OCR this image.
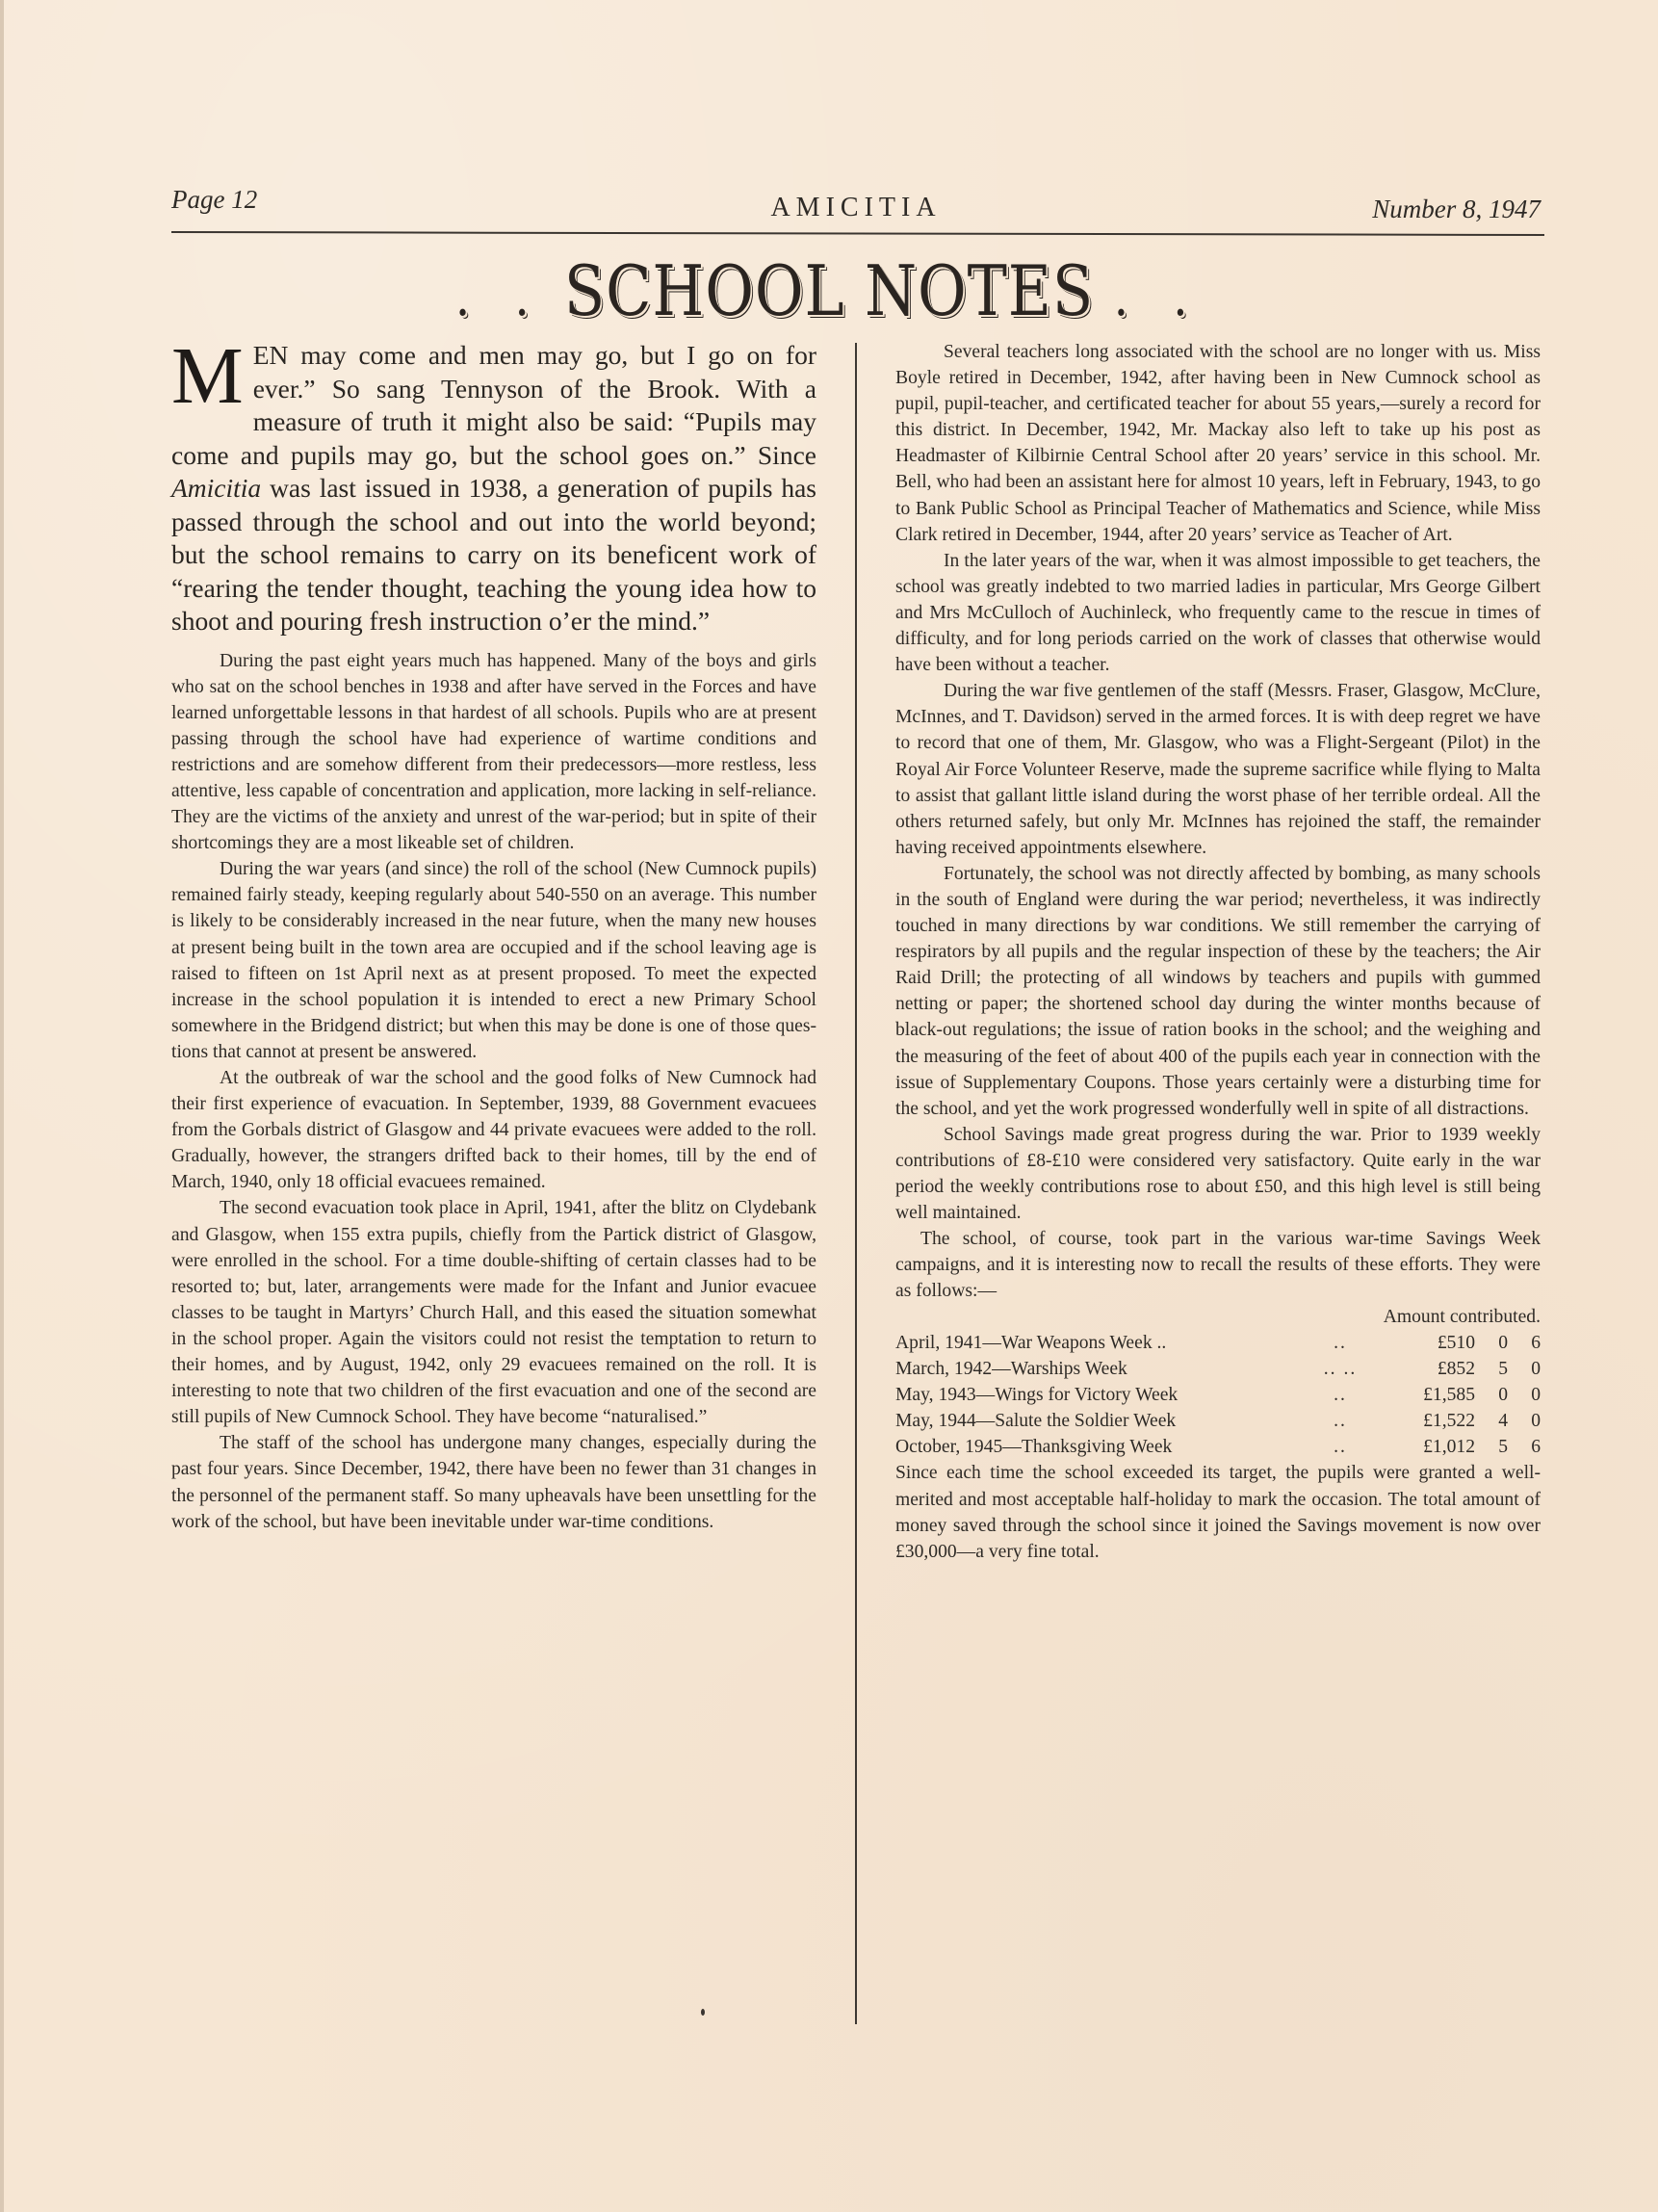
Page 12	AMICITIA	Number 8, 1947
. . SCHOOL NOTES . .

MEN may come and men may go, but I go on for ever.” So sang Tennyson of the Brook. With a measure of truth it might also be said: “Pupils may come and pupils may go, but the school goes on.” Since Amicitia was last issued in 1938, a generation of pupils has passed through the school and out into the world beyond; but the school remains to carry on its beneficent work of “rearing the tender thought, teaching the young idea how to shoot and pouring fresh instruction o’er the mind.”

During the past eight years much has happened. Many of the boys and girls who sat on the school benches in 1938 and after have served in the Forces and have learned unforgettable lessons in that hardest of all schools. Pupils who are at present passing through the school have had experience of wartime conditions and restrictions and are somehow different from their predecessors—more restless, less attentive, less capable of concentration and application, more lacking in self-reliance. They are the victims of the anxiety and unrest of the war-period; but in spite of their shortcomings they are a most likeable set of children.

During the war years (and since) the roll of the school (New Cumnock pupils) remained fairly steady, keeping regularly about 540-550 on an average. This number is likely to be considerably increased in the near future, when the many new houses at present being built in the town area are occupied and if the school leaving age is raised to fifteen on 1st April next as at present proposed. To meet the expected increase in the school population it is intended to erect a new Primary School somewhere in the Bridgend district; but when this may be done is one of those questions that cannot at present be answered.

At the outbreak of war the school and the good folks of New Cumnock had their first experience of evacuation. In September, 1939, 88 Government evacuees from the Gorbals district of Glasgow and 44 private evacuees were added to the roll. Gradually, however, the strangers drifted back to their homes, till by the end of March, 1940, only 18 official evacuees remained.

The second evacuation took place in April, 1941, after the blitz on Clydebank and Glasgow, when 155 extra pupils, chiefly from the Partick district of Glasgow, were enrolled in the school. For a time double-shifting of certain classes had to be resorted to; but, later, arrangements were made for the Infant and Junior evacuee classes to be taught in Martyrs’ Church Hall, and this eased the situation somewhat in the school proper. Again the visitors could not resist the temptation to return to their homes, and by August, 1942, only 29 evacuees remained on the roll. It is interesting to note that two children of the first evacuation and one of the second are still pupils of New Cumnock School. They have become “naturalised.”

The staff of the school has undergone many changes, especially during the past four years. Since December, 1942, there have been no fewer than 31 changes in the personnel of the permanent staff. So many upheavals have been unsettling for the work of the school, but have been inevitable under war-time conditions.

Several teachers long associated with the school are no longer with us. Miss Boyle retired in December, 1942, after having been in New Cumnock school as pupil, pupil-teacher, and certificated teacher for about 55 years,—surely a record for this district. In December, 1942, Mr. Mackay also left to take up his post as Headmaster of Kilbirnie Central School after 20 years’ service in this school. Mr. Bell, who had been an assistant here for almost 10 years, left in February, 1943, to go to Bank Public School as Principal Teacher of Mathematics and Science, while Miss Clark retired in December, 1944, after 20 years’ service as Teacher of Art.

In the later years of the war, when it was almost impossible to get teachers, the school was greatly indebted to two married ladies in particular, Mrs George Gilbert and Mrs McCulloch of Auchinleck, who frequently came to the rescue in times of difficulty, and for long periods carried on the work of classes that otherwise would have been without a teacher.

During the war five gentlemen of the staff (Messrs. Fraser, Glasgow, McClure, McInnes, and T. Davidson) served in the armed forces. It is with deep regret we have to record that one of them, Mr. Glasgow, who was a Flight-Sergeant (Pilot) in the Royal Air Force Volunteer Reserve, made the supreme sacrifice while flying to Malta to assist that gallant little island during the worst phase of her terrible ordeal. All the others returned safely, but only Mr. McInnes has rejoined the staff, the remainder having received appointments elsewhere.

Fortunately, the school was not directly affected by bombing, as many schools in the south of England were during the war period; nevertheless, it was indirectly touched in many directions by war conditions. We still remember the carrying of respirators by all pupils and the regular inspection of these by the teachers; the Air Raid Drill; the protecting of all windows by teachers and pupils with gummed netting or paper; the shortened school day during the winter months because of black-out regulations; the issue of ration books in the school; and the weighing and the measuring of the feet of about 400 of the pupils each year in connection with the issue of Supplementary Coupons. Those years certainly were a disturbing time for the school, and yet the work progressed wonderfully well in spite of all distractions.

School Savings made great progress during the war. Prior to 1939 weekly contributions of £8-£10 were considered very satisfactory. Quite early in the war period the weekly contributions rose to about £50, and this high level is still being well maintained.

The school, of course, took part in the various war-time Savings Week campaigns, and it is interesting now to recall the results of these efforts. They were as follows:—

Amount contributed.
April, 1941—War Weapons Week ..	..	£510	0	6
March, 1942—Warships Week	.. ..	£852	5	0
May, 1943—Wings for Victory Week	..	£1,585	0	0
May, 1944—Salute the Soldier Week	..	£1,522	4	0
October, 1945—Thanksgiving Week	..	£1,012	5	6

Since each time the school exceeded its target, the pupils were granted a well-merited and most acceptable half-holiday to mark the occasion. The total amount of money saved through the school since it joined the Savings movement is now over £30,000—a very fine total.
